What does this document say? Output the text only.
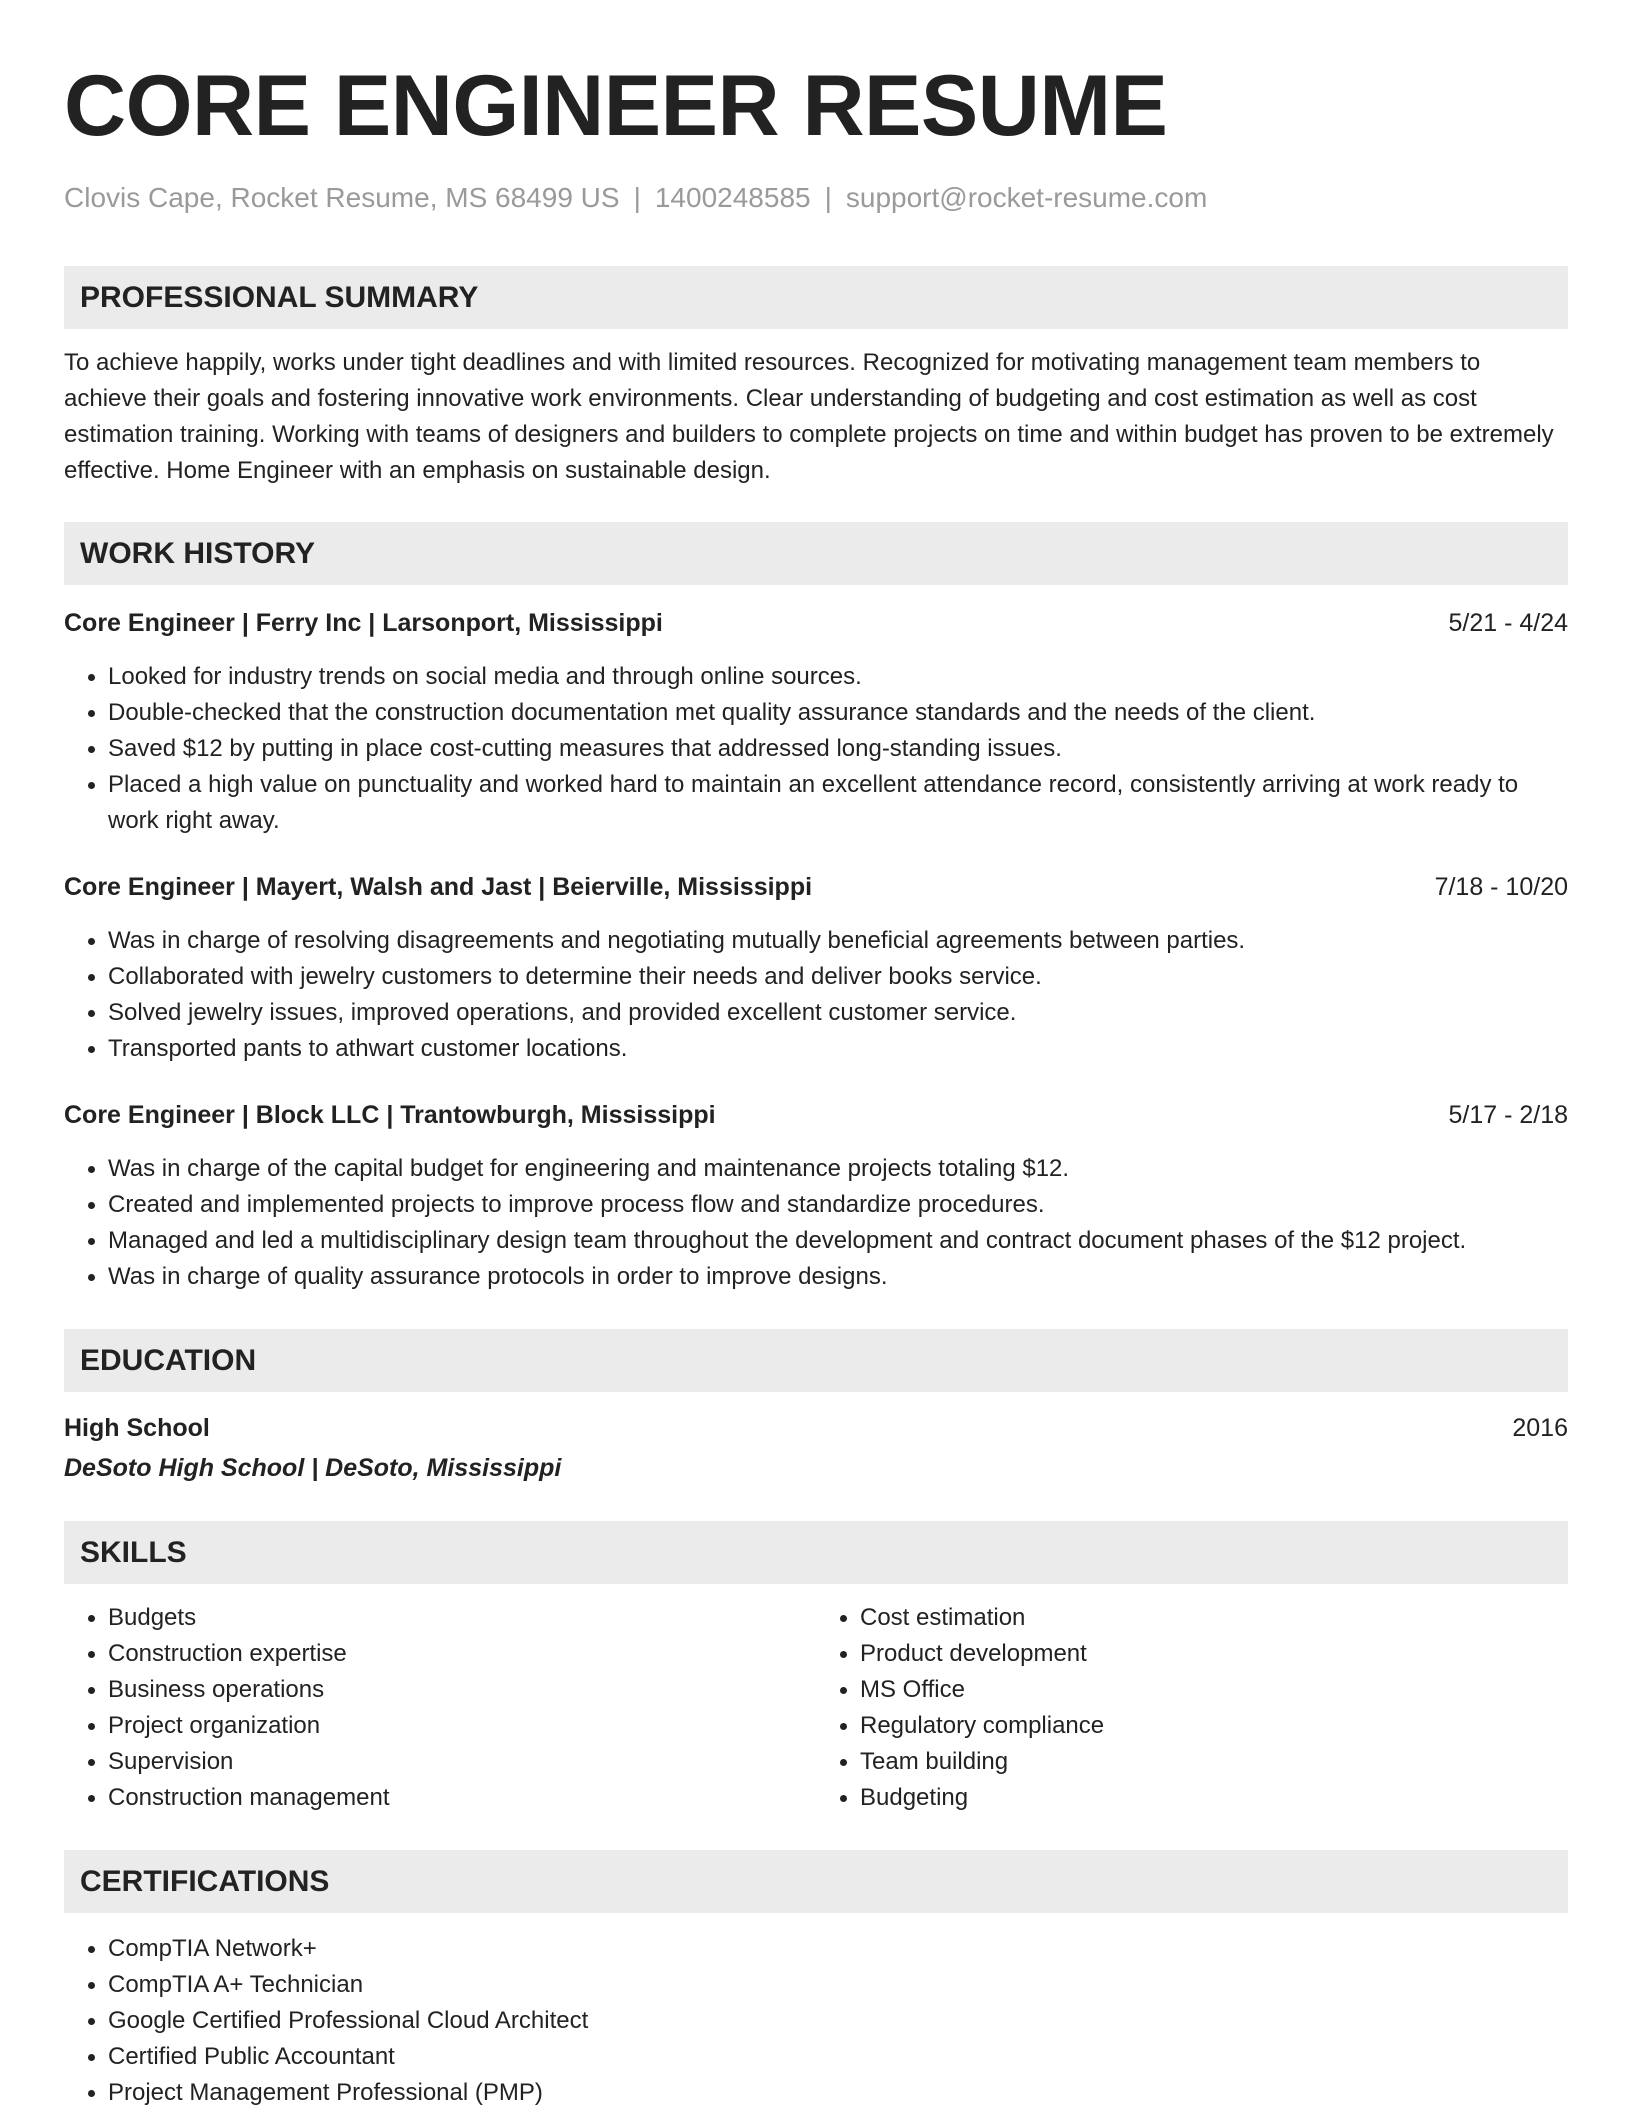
CORE ENGINEER RESUME
Clovis Cape, Rocket Resume, MS 68499 US | 1400248585 | support@rocket-resume.com
PROFESSIONAL SUMMARY
To achieve happily, works under tight deadlines and with limited resources. Recognized for motivating management team members to achieve their goals and fostering innovative work environments. Clear understanding of budgeting and cost estimation as well as cost estimation training. Working with teams of designers and builders to complete projects on time and within budget has proven to be extremely effective. Home Engineer with an emphasis on sustainable design.
WORK HISTORY
Core Engineer | Ferry Inc | Larsonport, Mississippi	5/21 - 4/24
• Looked for industry trends on social media and through online sources.
• Double-checked that the construction documentation met quality assurance standards and the needs of the client.
• Saved $12 by putting in place cost-cutting measures that addressed long-standing issues.
• Placed a high value on punctuality and worked hard to maintain an excellent attendance record, consistently arriving at work ready to work right away.
Core Engineer | Mayert, Walsh and Jast | Beierville, Mississippi	7/18 - 10/20
• Was in charge of resolving disagreements and negotiating mutually beneficial agreements between parties.
• Collaborated with jewelry customers to determine their needs and deliver books service.
• Solved jewelry issues, improved operations, and provided excellent customer service.
• Transported pants to athwart customer locations.
Core Engineer | Block LLC | Trantowburgh, Mississippi	5/17 - 2/18
• Was in charge of the capital budget for engineering and maintenance projects totaling $12.
• Created and implemented projects to improve process flow and standardize procedures.
• Managed and led a multidisciplinary design team throughout the development and contract document phases of the $12 project.
• Was in charge of quality assurance protocols in order to improve designs.
EDUCATION
High School	2016
DeSoto High School | DeSoto, Mississippi
SKILLS
• Budgets
• Construction expertise
• Business operations
• Project organization
• Supervision
• Construction management
• Cost estimation
• Product development
• MS Office
• Regulatory compliance
• Team building
• Budgeting
CERTIFICATIONS
• CompTIA Network+
• CompTIA A+ Technician
• Google Certified Professional Cloud Architect
• Certified Public Accountant
• Project Management Professional (PMP)
